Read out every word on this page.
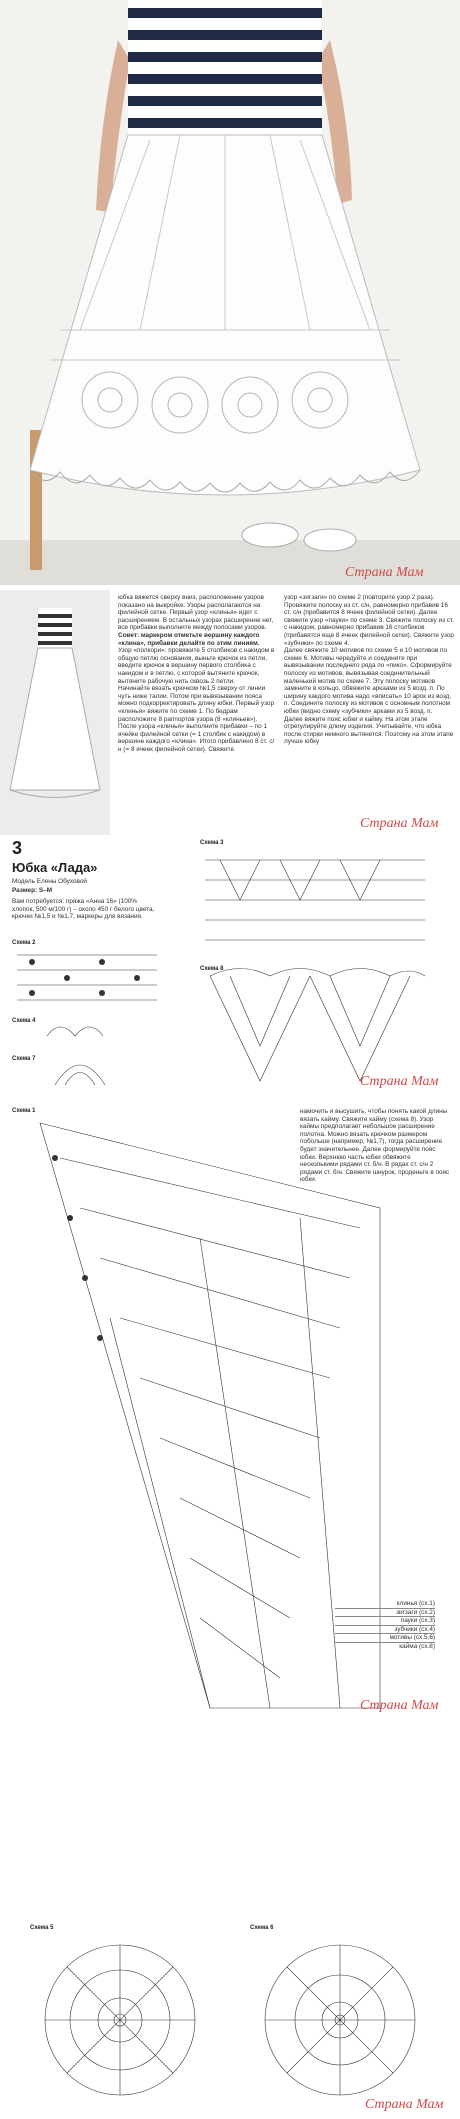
Страна Мам
юбка вяжется сверху вниз, расположение узоров показано на выкройке. Узоры располагаются на филейной сетке. Первый узор «клинья» идет с расширением. В остальных узорах расширение нет, все прибавки выполните между полосами узоров.
Совет: маркером отметьте вершину каждого «клина», прибавки делайте по этим линиям.
Узор «полкори»: провяжите 5 столбиков с накидом в общую петлю основания, выньте крючок из петли, введите крючок в вершину первого столбика с накидом и в петлю, с которой вытяните крючок, вытяните рабочую нить сквозь 2 петли.
Начинайте вязать крючком №1,5 сверху от линии чуть ниже талии. Потом при вывязывании пояса можно подкорректировать длину юбки. Первый узор «клинья» вяжите по схеме 1. По бедрам расположите 8 раппортов узора (8 «клиньев»). После узора «клинья» выполните прибавки – по 1 ячейке филейной сетки (= 1 столбик с накидом) в вершине каждого «клина». Итого прибавлено 8 ст. с/н (= 8 ячеек филейной сетки). Свяжите
узор «зигзаги» по схеме 2 (повторите узор 2 раза). Провяжите полоску из ст. с/н, равномерно прибавив 16 ст. с/н (прибавится 8 ячеек филейной сетки). Далее свяжите узор «пауки» по схеме 3. Свяжите полоску из ст. с накидом, равномерно прибавив 16 столбиков (прибавятся еще 8 ячеек филейной сетки). Свяжите узор «зубчики» по схеме 4.
Далее свяжите 10 мотивов по схеме 5 и 10 мотивов по схеме 6. Мотивы чередуйте и соедините при вывязывании последнего ряда по «пико». Сформируйте полоску из мотивов, вывязывая соединительный маленький мотив по схеме 7. Эту полоску мотивов замкните в кольцо, обвяжите аркаами из 5 возд. п. По ширину какдого мотива надо «вписать» 10 арок из возд. п. Соедините полоску из мотивов с основным полотном юбки (видно схему «зубчики» арками из 5 возд. п.
Далее вяжите пояс юбки и кайму. На этом этапе отрегулируйте длину изделия. Учитывайте, что юбка после стирки немного вытянется. Поэтому на этом этапе лучше юбку
Страна Мам
3
Юбка «Лада»
Модель Елены Обуховой
Размер: S–M
Вам потребуется: пряжа «Анна 16» (100% хлопок, 500 м/100 г) – около 450 г белого цвета, крючки №1,5 и №1,7, маркеры для вязания.
Схема 2
Схема 4
Схема 7
Схема 3
Схема 8
Страна Мам
Схема 1	намочить и высушить, чтобы понять какой длины вязать кайму. Свяжите кайму (схема 8). Узор каймы предполагает небольшое расширение полотна. Можно вязать крючком размером побольше (например, №1,7), тогда расширение будет значительнее. Далее формируйте пояс юбки. Верхнюю часть юбки обвяжите несколькими рядами ст. б/н. В рядах ст. с/н 2 рядами ст. б/н. Свяжите шнурок, проденьте в пояс юбки.
клинья (сх.1)
зигзаги (сх.2)
пауки (сх.3)
зубчики (сх.4)
мотивы (сх.5,6)
кайма (сх.8)
Страна Мам
Схема 5	Схема 6
Страна Мам
